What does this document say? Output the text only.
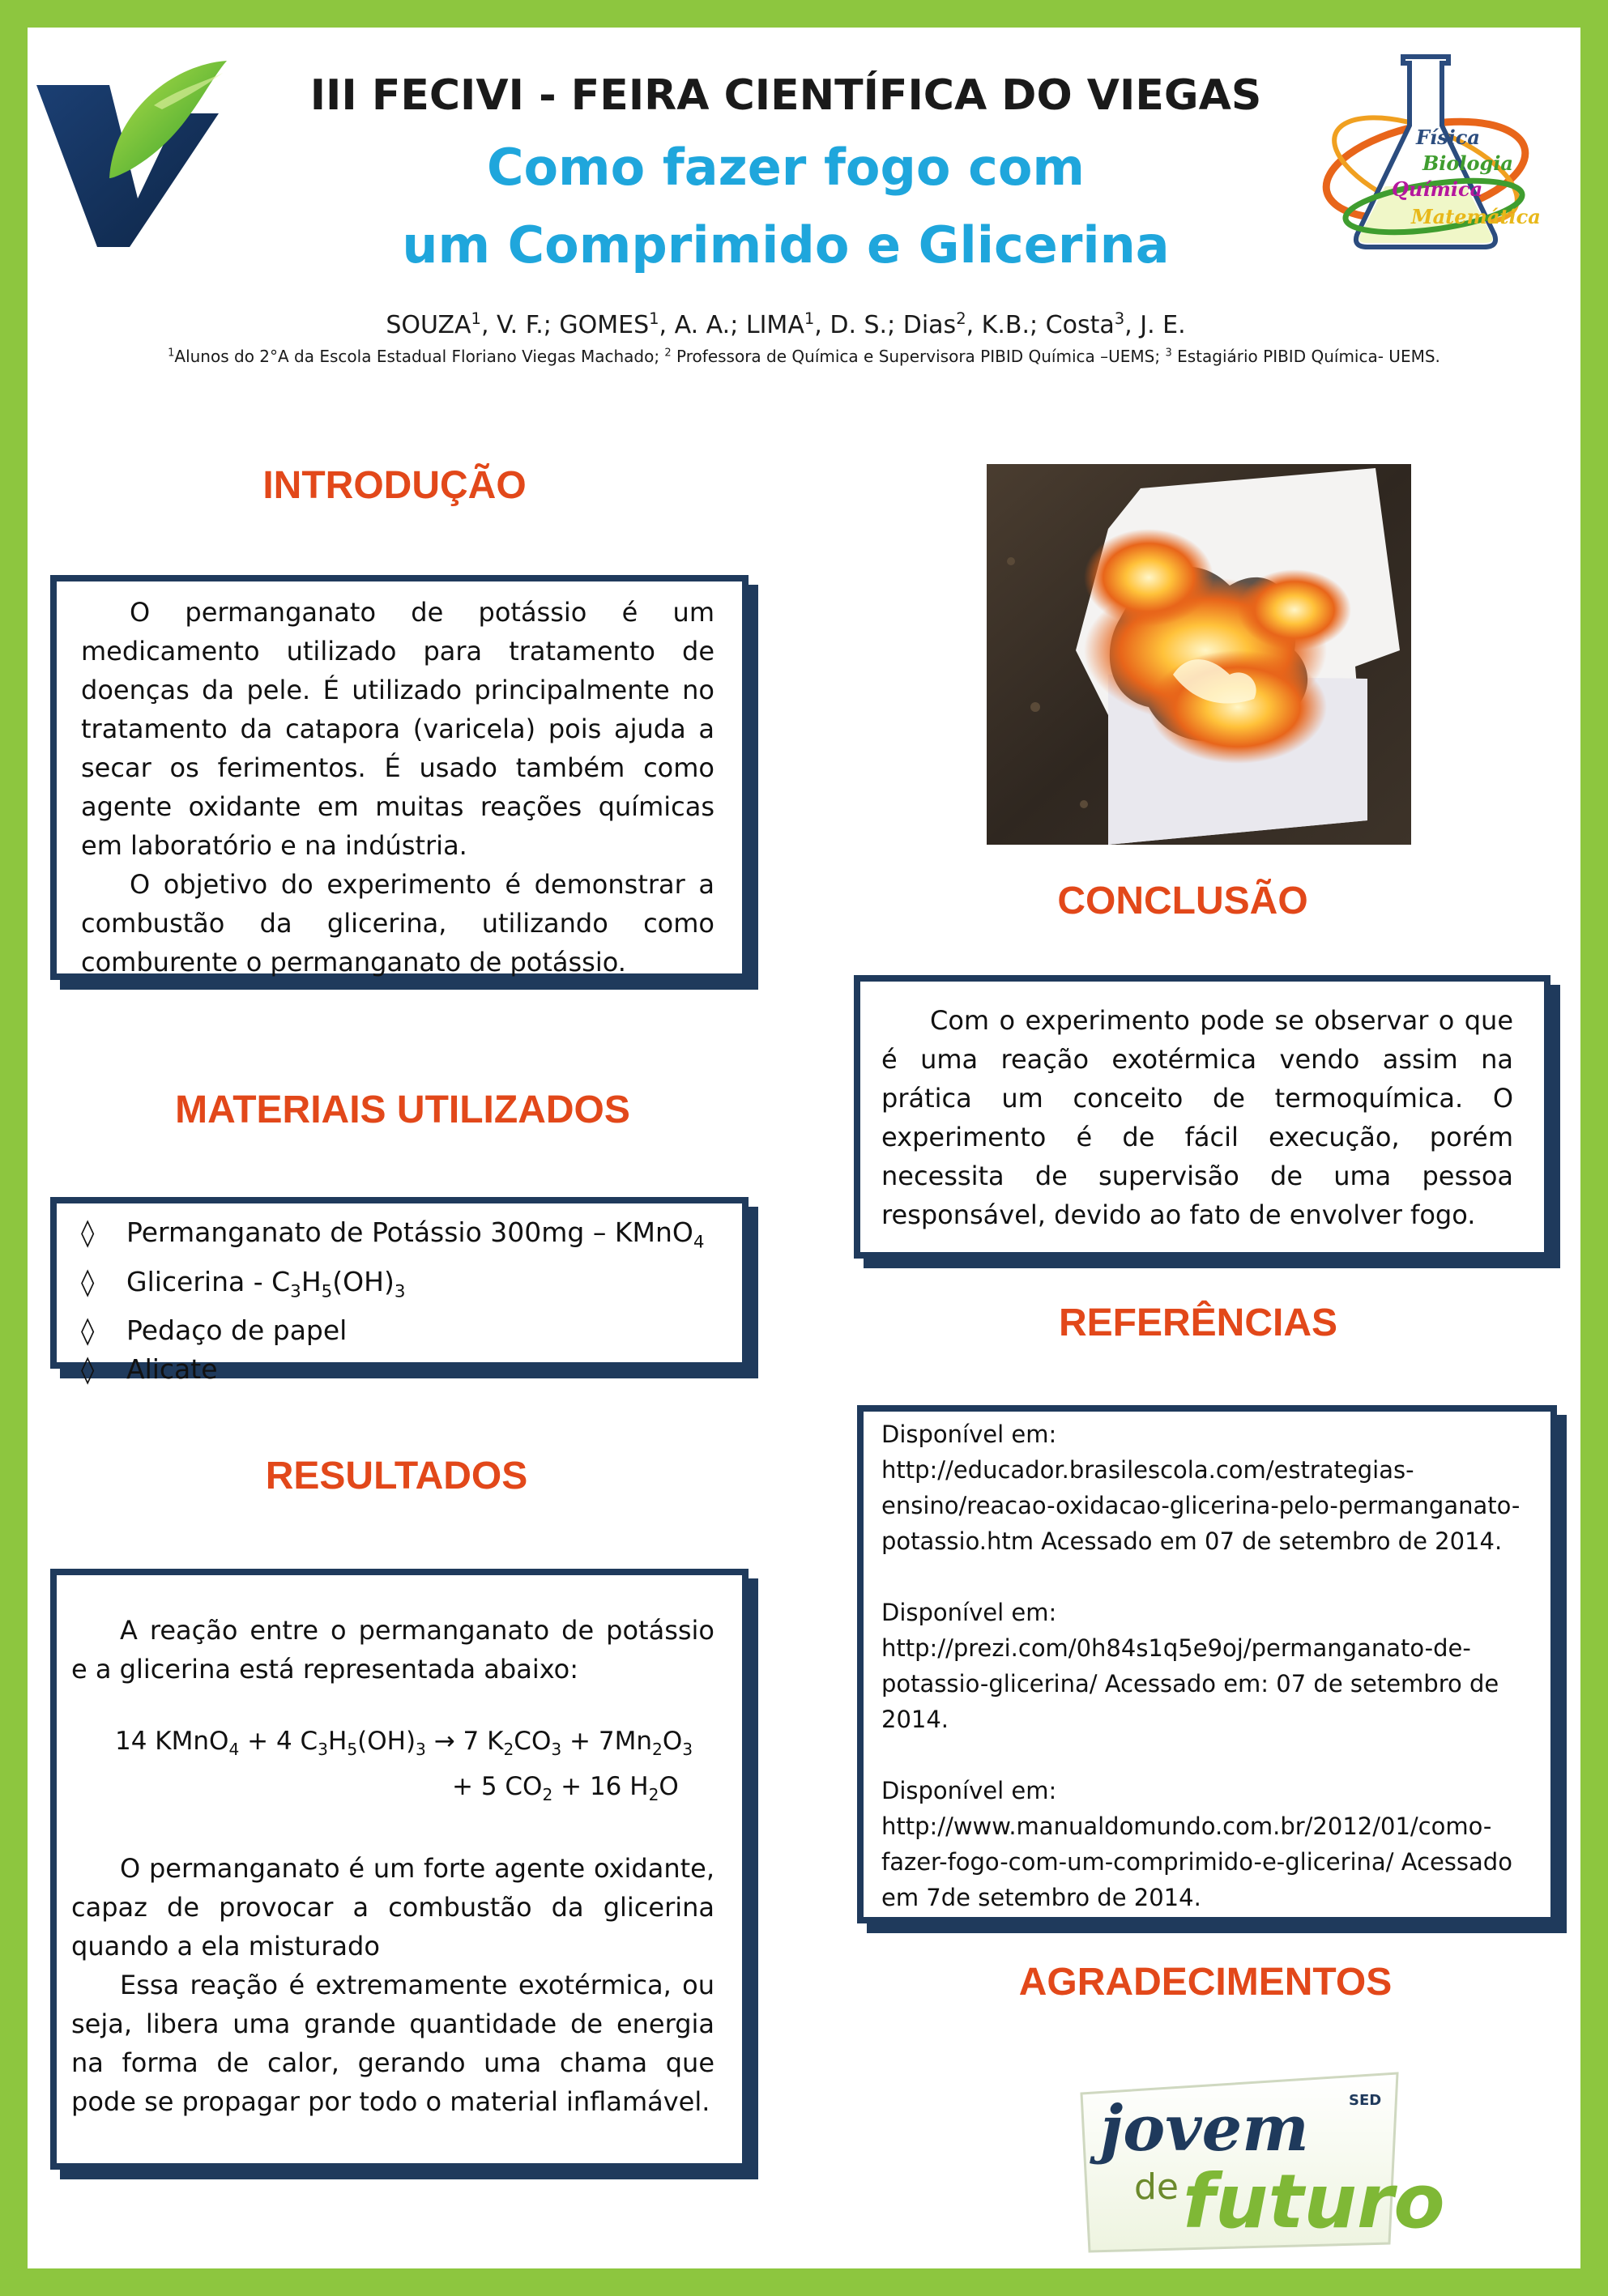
III FECIVI - FEIRA CIENTÍFICA DO VIEGAS
Como fazer fogo com
um Comprimido e Glicerina
SOUZA$^1$, V. F.; GOMES$^1$, A. A.; LIMA$^1$, D. S.; Dias$^2$, K.B.; Costa$^3$, J. E.
$^1$Alunos do 2°A da Escola Estadual Floriano Viegas Machado; $^2$ Professora de Química e Supervisora PIBID Química –UEMS; $^3$ Estagiário PIBID Química- UEMS.
Física
Biologia
Química
Matemática
INTRODUÇÃO

O permanganato de potássio é um medicamento utilizado para tratamento de doenças da pele. É utilizado principalmente no tratamento da catapora (varicela) pois ajuda a secar os ferimentos. É usado também como agente oxidante em muitas reações químicas em laboratório e na indústria.

O objetivo do experimento é demonstrar a combustão da glicerina, utilizando como comburente o permanganato de potássio.

MATERIAIS UTILIZADOS
◊ Permanganato de Potássio 300mg – KMnO$_4$
◊ Glicerina - $C_3H_5(OH)_3$
◊ Pedaço de papel
◊ Alicate
RESULTADOS

A reação entre o permanganato de potássio e a glicerina está representada abaixo:

14 KMnO$_4$ + 4 $C_3H_5(OH)_3 \to 7$ $K_2CO_3 + 7Mn_2O_3$
+ 5 $CO_2 + 16$ $H_2O$

O permanganato é um forte agente oxidante, capaz de provocar a combustão da glicerina quando a ela misturado

Essa reação é extremamente exotérmica, ou seja, libera uma grande quantidade de energia na forma de calor, gerando uma chama que pode se propagar por todo o material inflamável.

CONCLUSÃO

Com o experimento pode se observar o que é uma reação exotérmica vendo assim na prática um conceito de termoquímica. O experimento é de fácil execução, porém necessita de supervisão de uma pessoa responsável, devido ao fato de envolver fogo.

REFERÊNCIAS

Disponível em: http://educador.brasilescola.com/estrategias-ensino/reacao-oxidacao-glicerina-pelo-permanganato-potassio.htm Acessado em 07 de setembro de 2014.

Disponível em: http://prezi.com/0h84s1q5e9oj/permanganato-de-potassio-glicerina/ Acessado em: 07 de setembro de 2014.

Disponível em: http://www.manualdomundo.com.br/2012/01/como-fazer-fogo-com-um-comprimido-e-glicerina/ Acessado em 7de setembro de 2014.

AGRADECIMENTOS
jovem
de futuro
SED
